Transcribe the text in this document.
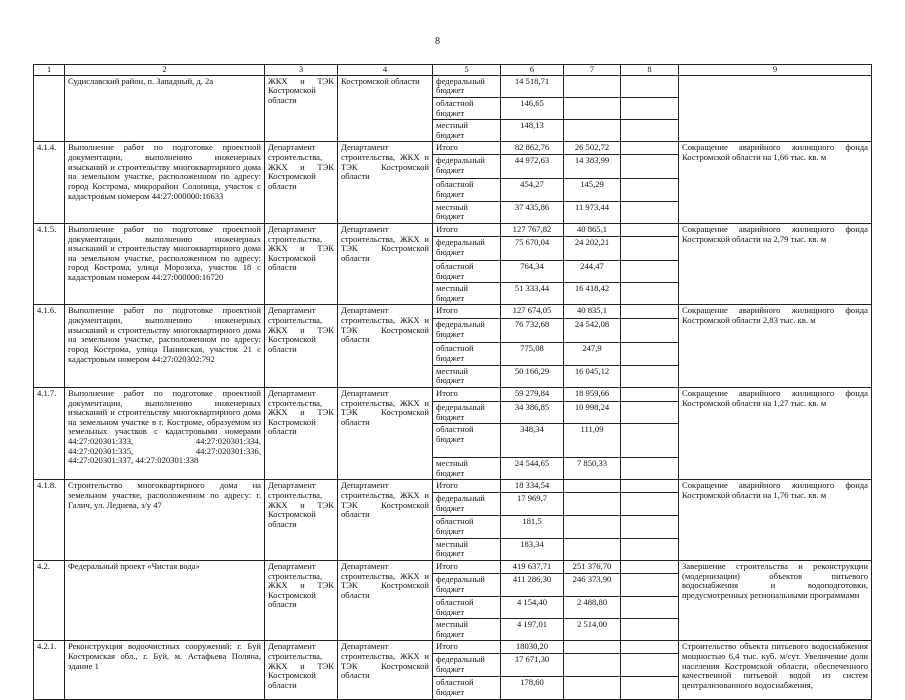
8
1	2	3	4	5	6	7	8	9
	Судиславский район, п. Западный, д. 2а	ЖКХ и ТЭК Костромской области	Костромской области	федеральный бюджет	14 518,71			
				областной бюджет	146,65			
				местный бюджет	148,13			
4.1.4.	Выполнение работ по подготовке проектной документации, выполнению инженерных изысканий и строительству многоквартирного дома на земельном участке, расположенном по адресу: город Кострома, микрорайон Солоница, участок с кадастровым номером 44:27:000000:16633	Департамент строительства, ЖКХ и ТЭК Костромской области	Департамент строительства, ЖКХ и ТЭК Костромской области	Итого	82 862,76	26 502,72		Сокращение аварийного жилищного фонда Костромской области на 1,66 тыс. кв. м
				федеральный бюджет	44 972,63	14 383,99		
				областной бюджет	454,27	145,29		
				местный бюджет	37 435,86	11 973,44		
4.1.5.	Выполнение работ по подготовке проектной документации, выполнению инженерных изысканий и строительству многоквартирного дома на земельном участке, расположенном по адресу: город Кострома, улица Морозиха, участок 18 с кадастровым номером 44:27:000000:16720	Департамент строительства, ЖКХ и ТЭК Костромской области	Департамент строительства, ЖКХ и ТЭК Костромской области	Итого	127 767,82	40 865,1		Сокращение аварийного жилищного фонда Костромской области на 2,79 тыс. кв. м
				федеральный бюджет	75 670,04	24 202,21		
				областной бюджет	764,34	244,47		
				местный бюджет	51 333,44	16 418,42		
4.1.6.	Выполнение работ по подготовке проектной документации, выполнению инженерных изысканий и строительству многоквартирного дома на земельном участке, расположенном по адресу: город Кострома, улица Панинская, участок 21 с кадастровым номером 44:27:020302:792	Департамент строительства, ЖКХ и ТЭК Костромской области	Департамент строительства, ЖКХ и ТЭК Костромской области	Итого	127 674,05	40 835,1		Сокращение аварийного жилищного фонда Костромской области 2,83 тыс. кв. м
				федеральный бюджет	76 732,68	24 542,08		
				областной бюджет	775,08	247,9		
				местный бюджет	50 166,29	16 045,12		
4.1.7.	Выполнение работ по подготовке проектной документации, выполнению инженерных изысканий и строительству многоквартирного дома на земельном участке в г. Костроме, образуемом из земельных участков с кадастровыми номерами 44:27:020301:333, 44:27:020301:334, 44:27:020301:335, 44:27:020301:336, 44:27:020301:337, 44:27:020301:338	Департамент строительства, ЖКХ и ТЭК Костромской области	Департамент строительства, ЖКХ и ТЭК Костромской области	Итого	59 279,84	18 959,66		Сокращение аварийного жилищного фонда Костромской области на 1,27 тыс. кв. м
				федеральный бюджет	34 386,85	10 998,24		
				областной бюджет	348,34	111,09		
				местный бюджет	24 544,65	7 850,33		
4.1.8.	Строительство многоквартирного дома на земельном участке, расположенном по адресу: г. Галич, ул. Леднева, з/у 47	Департамент строительства, ЖКХ и ТЭК Костромской области	Департамент строительства, ЖКХ и ТЭК Костромской области	Итого	18 334,54			Сокращение аварийного жилищного фонда Костромской области на 1,76 тыс. кв. м
				федеральный бюджет	17 969,7			
				областной бюджет	181,5			
				местный бюджет	183,34			
4.2.	Федеральный проект «Чистая вода»	Департамент строительства, ЖКХ и ТЭК Костромской области	Департамент строительства, ЖКХ и ТЭК Костромской области	Итого	419 637,71	251 376,70		Завершение строительства и реконструкции (модернизации) объектов питьевого водоснабжения и водоподготовки, предусмотренных региональными программами
				федеральный бюджет	411 286,30	246 373,90		
				областной бюджет	4 154,40	2 488,80		
				местный бюджет	4 197,01	2 514,00		
4.2.1.	Реконструкция водоочистных сооружений: г. Буй Костромская обл., г. Буй, м. Астафьева Поляна, здание 1	Департамент строительства, ЖКХ и ТЭК Костромской области	Департамент строительства, ЖКХ и ТЭК Костромской области	Итого	18030,20			Строительство объекта питьевого водоснабжения мощностью 6,4 тыс. куб. м/сут. Увеличение доли населения Костромской области, обеспеченного качественной питьевой водой из систем централизованного водоснабжения,
				федеральный бюджет	17 671,30			
				областной бюджет	178,60			
